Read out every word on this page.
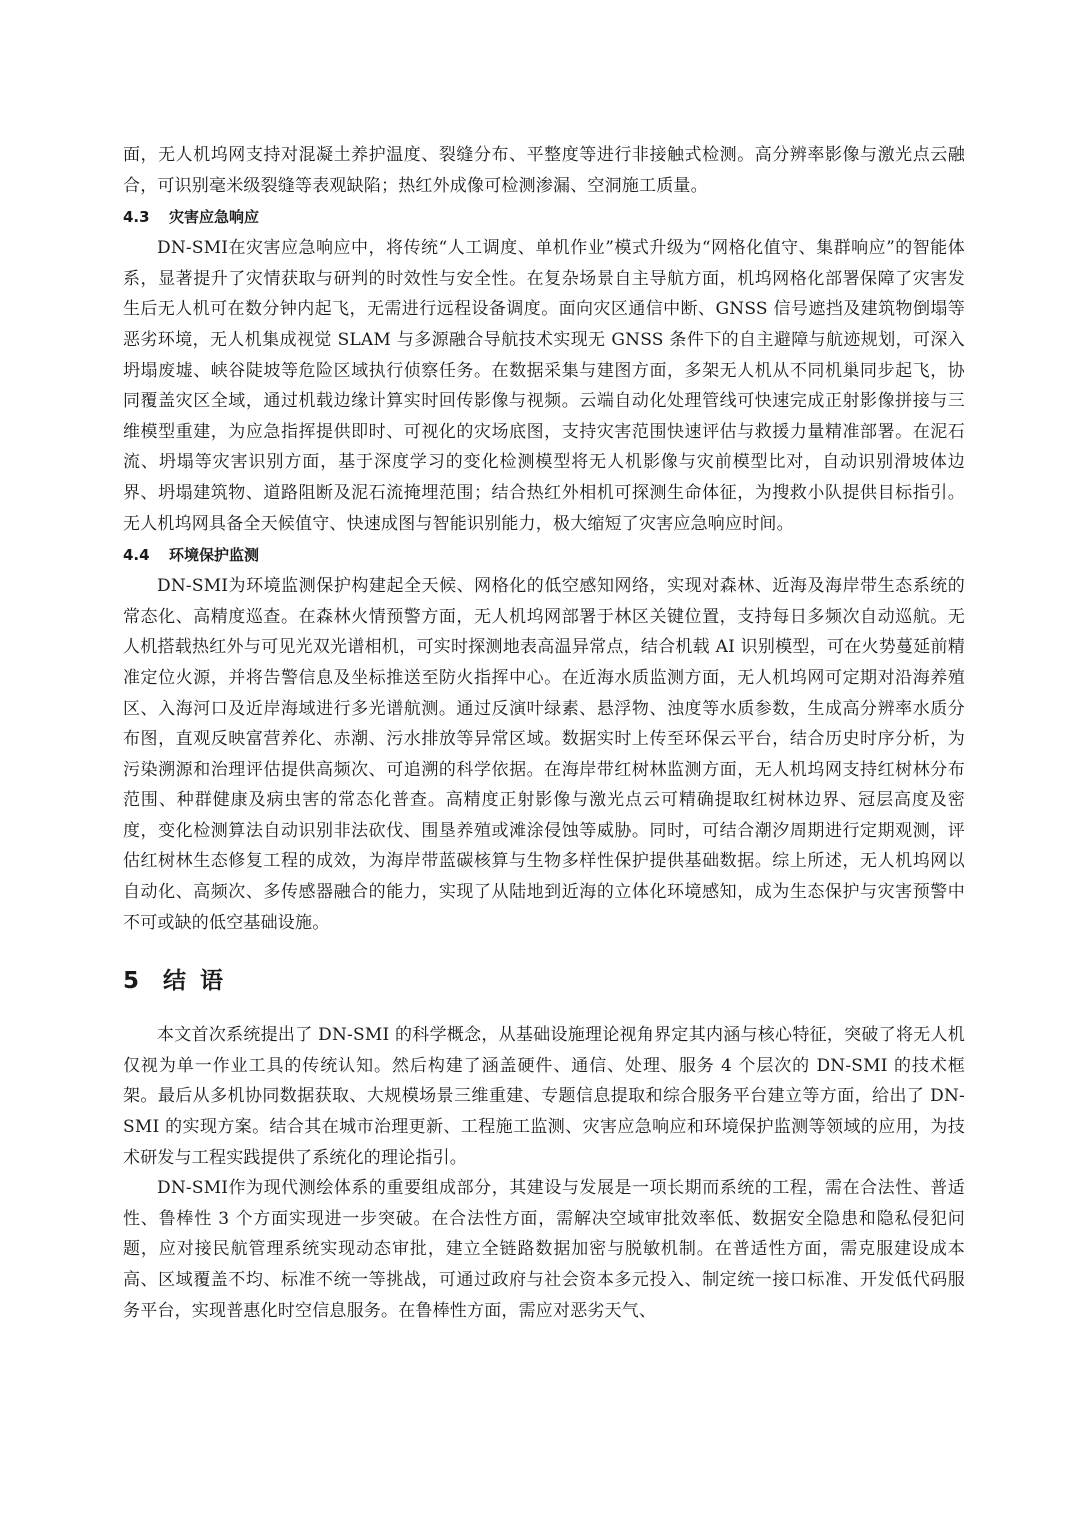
面，无人机坞网支持对混凝土养护温度、裂缝分布、平整度等进行非接触式检测。高分辨率影像与激光点云融合，可识别毫米级裂缝等表观缺陷；热红外成像可检测渗漏、空洞施工质量。

4.3 灾害应急响应

DN-SMI在灾害应急响应中，将传统“人工调度、单机作业”模式升级为“网格化值守、集群响应”的智能体系，显著提升了灾情获取与研判的时效性与安全性。在复杂场景自主导航方面，机坞网格化部署保障了灾害发生后无人机可在数分钟内起飞，无需进行远程设备调度。面向灾区通信中断、GNSS 信号遮挡及建筑物倒塌等恶劣环境，无人机集成视觉 SLAM 与多源融合导航技术实现无 GNSS 条件下的自主避障与航迹规划，可深入坍塌废墟、峡谷陡坡等危险区域执行侦察任务。在数据采集与建图方面，多架无人机从不同机巢同步起飞，协同覆盖灾区全域，通过机载边缘计算实时回传影像与视频。云端自动化处理管线可快速完成正射影像拼接与三维模型重建，为应急指挥提供即时、可视化的灾场底图，支持灾害范围快速评估与救援力量精准部署。在泥石流、坍塌等灾害识别方面，基于深度学习的变化检测模型将无人机影像与灾前模型比对，自动识别滑坡体边界、坍塌建筑物、道路阻断及泥石流掩埋范围；结合热红外相机可探测生命体征，为搜救小队提供目标指引。无人机坞网具备全天候值守、快速成图与智能识别能力，极大缩短了灾害应急响应时间。

4.4 环境保护监测

DN-SMI为环境监测保护构建起全天候、网格化的低空感知网络，实现对森林、近海及海岸带生态系统的常态化、高精度巡查。在森林火情预警方面，无人机坞网部署于林区关键位置，支持每日多频次自动巡航。无人机搭载热红外与可见光双光谱相机，可实时探测地表高温异常点，结合机载 AI 识别模型，可在火势蔓延前精准定位火源，并将告警信息及坐标推送至防火指挥中心。在近海水质监测方面，无人机坞网可定期对沿海养殖区、入海河口及近岸海域进行多光谱航测。通过反演叶绿素、悬浮物、浊度等水质参数，生成高分辨率水质分布图，直观反映富营养化、赤潮、污水排放等异常区域。数据实时上传至环保云平台，结合历史时序分析，为污染溯源和治理评估提供高频次、可追溯的科学依据。在海岸带红树林监测方面，无人机坞网支持红树林分布范围、种群健康及病虫害的常态化普查。高精度正射影像与激光点云可精确提取红树林边界、冠层高度及密度，变化检测算法自动识别非法砍伐、围垦养殖或滩涂侵蚀等威胁。同时，可结合潮汐周期进行定期观测，评估红树林生态修复工程的成效，为海岸带蓝碳核算与生物多样性保护提供基础数据。综上所述，无人机坞网以自动化、高频次、多传感器融合的能力，实现了从陆地到近海的立体化环境感知，成为生态保护与灾害预警中不可或缺的低空基础设施。

5 结语

本文首次系统提出了 DN-SMI 的科学概念，从基础设施理论视角界定其内涵与核心特征，突破了将无人机仅视为单一作业工具的传统认知。然后构建了涵盖硬件、通信、处理、服务 4 个层次的 DN-SMI 的技术框架。最后从多机协同数据获取、大规模场景三维重建、专题信息提取和综合服务平台建立等方面，给出了 DN-SMI 的实现方案。结合其在城市治理更新、工程施工监测、灾害应急响应和环境保护监测等领域的应用，为技术研发与工程实践提供了系统化的理论指引。

DN-SMI作为现代测绘体系的重要组成部分，其建设与发展是一项长期而系统的工程，需在合法性、普适性、鲁棒性 3 个方面实现进一步突破。在合法性方面，需解决空域审批效率低、数据安全隐患和隐私侵犯问题，应对接民航管理系统实现动态审批，建立全链路数据加密与脱敏机制。在普适性方面，需克服建设成本高、区域覆盖不均、标准不统一等挑战，可通过政府与社会资本多元投入、制定统一接口标准、开发低代码服务平台，实现普惠化时空信息服务。在鲁棒性方面，需应对恶劣天气、
